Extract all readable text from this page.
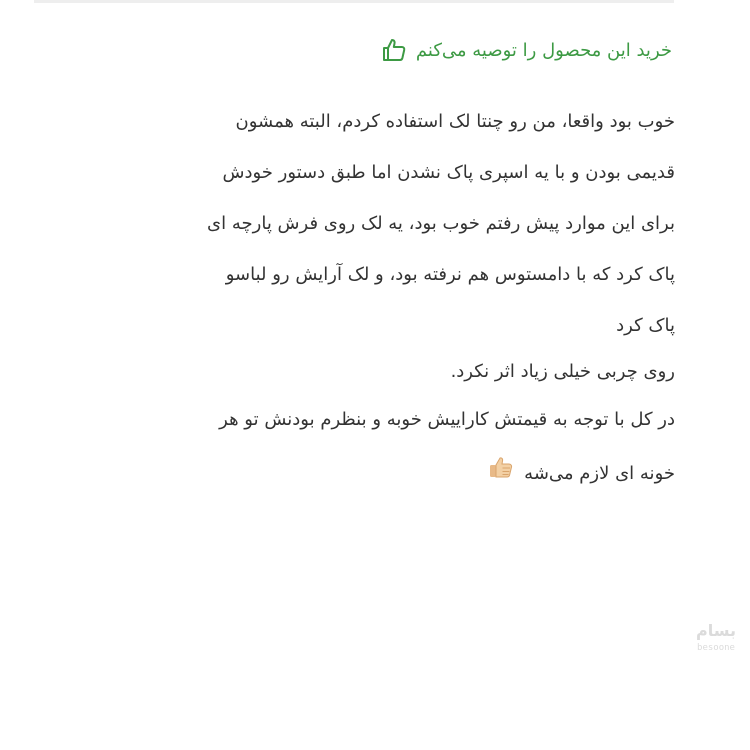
خرید این محصول را توصیه می‌کنم

خوب بود واقعا، من رو چنتا لک استفاده کردم، البته همشون

قدیمی بودن و با یه اسپری پاک نشدن اما طبق دستور خودش

برای این موارد پیش رفتم خوب بود، یه لک روی فرش پارچه ای

پاک کرد که با دامستوس هم نرفته بود، و لک آرایش رو لباسو

پاک کرد

روی چربی خیلی زیاد اثر نکرد.

در کل با توجه به قیمتش کاراییش خوبه و بنظرم بودنش تو هر

خونه ای لازم می‌شه

بسام
besoone
